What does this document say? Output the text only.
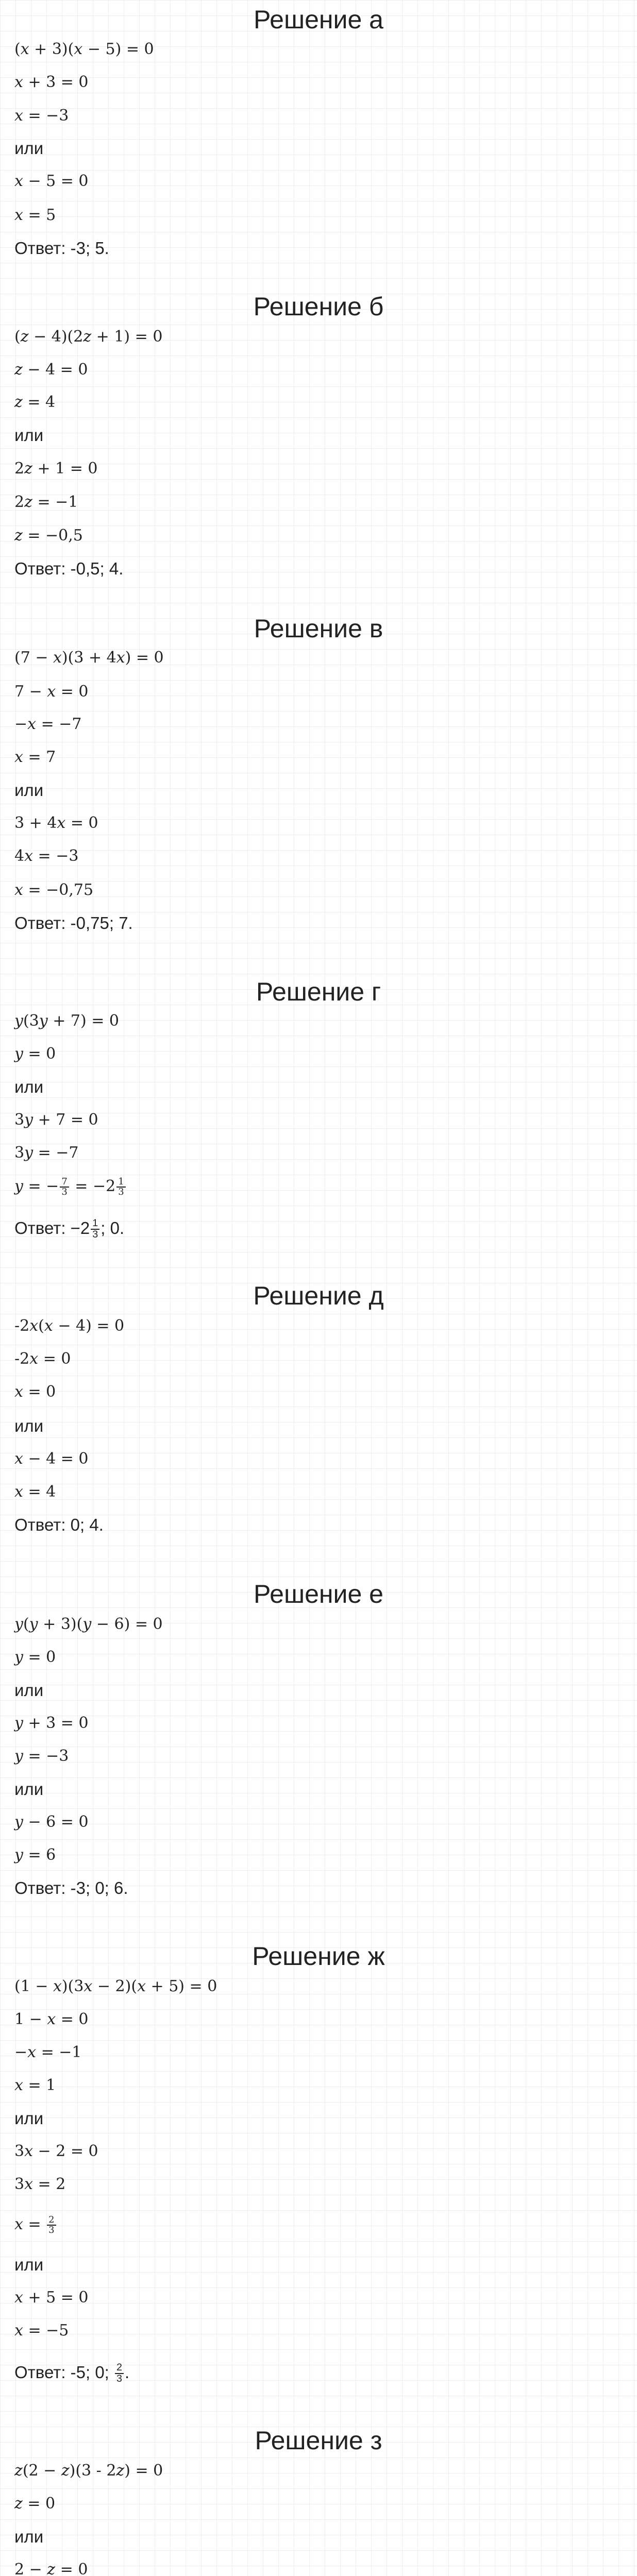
Решение а
(x + 3)(x − 5) = 0
x + 3 = 0
x = −3
или
x − 5 = 0
x = 5
Ответ: -3; 5.
Решение б
(z − 4)(2z + 1) = 0
z − 4 = 0
z = 4
или
2z + 1 = 0
2z = −1
z = −0,5
Ответ: -0,5; 4.
Решение в
(7 − x)(3 + 4x) = 0
7 − x = 0
−x = −7
x = 7
или
3 + 4x = 0
4x = −3
x = −0,75
Ответ: -0,75; 7.
Решение г
y(3y + 7) = 0
y = 0
или
3y + 7 = 0
3y = −7
y = − $\frac{7}{3} = -2 \frac{1}{3}$
Ответ: $-2 \frac{1}{3}$ ; 0.
Решение д
-2x(x − 4) = 0
-2x = 0
x = 0
или
x − 4 = 0
x = 4
Ответ: 0; 4.
Решение е
y(y + 3)(y − 6) = 0
y = 0
или
y + 3 = 0
y = −3
или
y − 6 = 0
y = 6
Ответ: -3; 0; 6.
Решение ж
(1 − x)(3x − 2)(x + 5) = 0
1 − x = 0
−x = −1
x = 1
или
3x − 2 = 0
3x = 2
$x = \frac{2}{3}$
или
x + 5 = 0
x = −5
Ответ: -5; 0; $\frac{2}{3}$ .
Решение з
z(2 − z)(3 - 2z) = 0
z = 0
или
2 − z = 0
